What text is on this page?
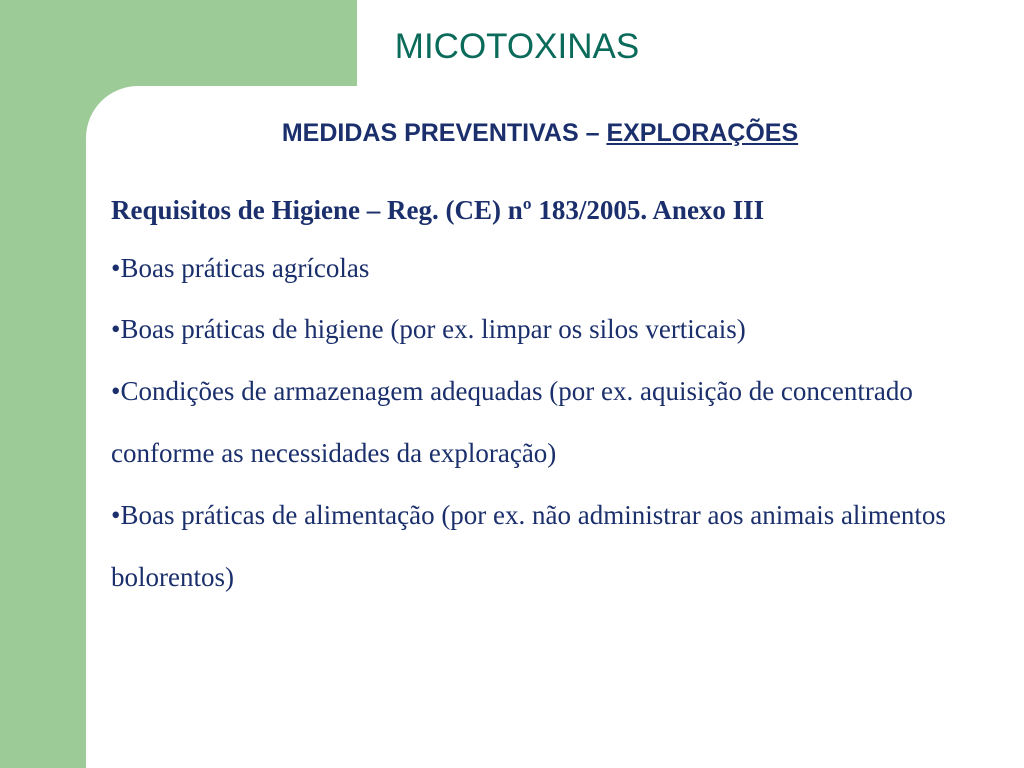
MICOTOXINAS
MEDIDAS PREVENTIVAS – EXPLORAÇÕES

Requisitos de Higiene – Reg. (CE) nº 183/2005. Anexo III

•Boas práticas agrícolas
•Boas práticas de higiene (por ex. limpar os silos verticais)
•Condições de armazenagem adequadas (por ex. aquisição de concentrado conforme as necessidades da exploração)
•Boas práticas de alimentação (por ex. não administrar aos animais alimentos bolorentos)
